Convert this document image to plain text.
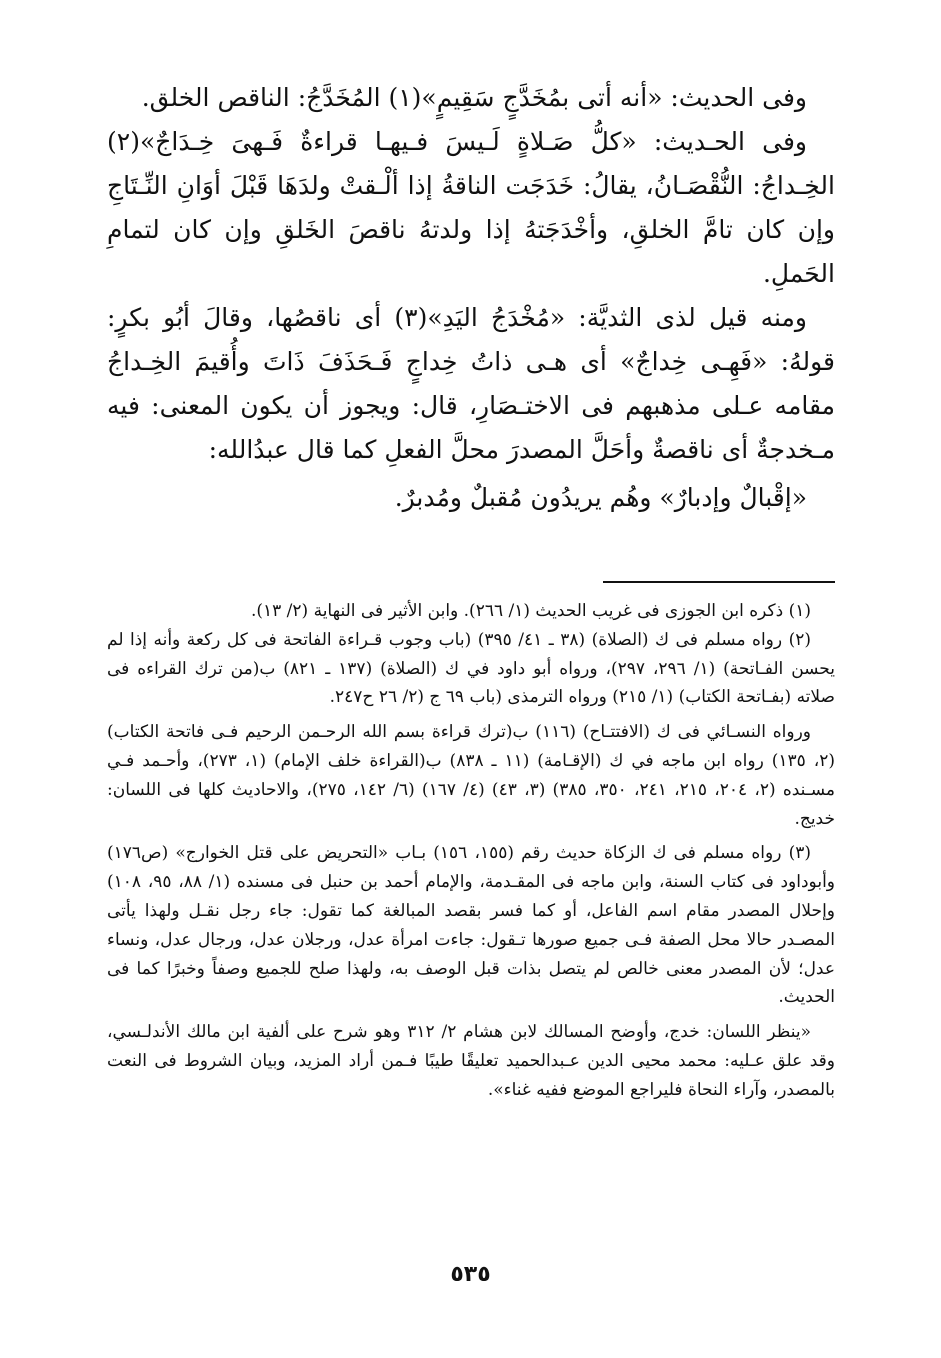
وفى الحديث: «أنه أتى بمُخَدَّجٍ سَقِيمٍ»(١) المُخَدَّجُ: الناقص الخلق.

وفى الحـديث: «كلُّ صَـلاةٍ لَـيسَ فـيهـا قراءةٌ فَـهىَ خِـدَاجٌ»(٢) الخِـداجُ: النُّقْصَـانُ، يقالُ: خَدَجَت الناقةُ إذا ألْـقتْ ولدَهَا قَبْلَ أوَانِ النِّـتَاجِ وإن كان تامَّ الخلقِ، وأخْدَجَتهُ إذا ولدتهُ ناقصَ الخَلقِ وإن كان لتمامِ الحَملِ.

ومنه قيل لذى الثديَّة: «مُخْدَجُ اليَدِ»(٣) أى ناقصُها، وقالَ أبُو بكرٍ: قولهُ: «فَهِـى خِداجٌ» أى هـى ذاتُ خِداجٍ فَـحَذَفَ ذَاتَ وأُقيمَ الخِـداجُ مقامه عـلى مذهبهم فى الاختـصَارِ، قال: ويجوز أن يكون المعنى: فيه مـخدجةٌ أى ناقصةٌ وأحَلَّ المصدرَ محلَّ الفعلِ كما قال عبدُالله:

«إقْبالٌ وإدبارٌ» وهُم يريدُون مُقبلٌ ومُدبرٌ.

(١) ذكره ابن الجوزى فى غريب الحديث (١/ ٢٦٦). وابن الأثير فى النهاية (٢/ ١٣).

(٢) رواه مسلم فى ك (الصلاة) (٣٨ ـ ٤١/ ٣٩٥) (باب وجوب قـراءة الفاتحة فى كل ركعة وأنه إذا لم يحسن الفـاتحة) (١/ ٢٩٦، ٢٩٧)، ورواه أبو داود في ك (الصلاة) (١٣٧ ـ ٨٢١) ب(من ترك القراءه فى صلاته (بفـاتحة الكتاب) (١/ ٢١٥) ورواه الترمذى (باب ٦٩ ج (٢/ ٢٦ ح٢٤٧.

ورواه النسـائي فى ك (الافتتـاح) (١١٦) ب(ترك قراءة بسم الله الرحـمن الرحيم فـى فاتحة الكتاب) (٢، ١٣٥) رواه ابن ماجه في ك (الإقـامة) (١١ ـ ٨٣٨) ب(القراءة خلف الإمام) (١، ٢٧٣)، وأحـمد فـي مسـنده (٢، ٢٠٤، ٢١٥، ٢٤١، ٣٥٠، ٣٨٥) (٣، ٤٣) (٤/ ١٦٧) (٦/ ١٤٢، ٢٧٥)، والاحاديث كلها فى اللسان: خديج.

(٣) رواه مسلم فى ك الزكاة حديث رقم (١٥٥، ١٥٦) بـاب «التحريض على قتل الخوارج» (ص١٧٦) وأبوداود فى كتاب السنة، وابن ماجه فى المقـدمة، والإمام أحمد بن حنبل فى مسنده (١/ ٨٨، ٩٥، ١٠٨) وإحلال المصدر مقام اسم الفاعل، أو كما فسر بقصد المبالغة كما تقول: جاء رجل نقـل ولهذا يأتى المصـدر حالا محل الصفة فـى جميع صورها تـقول: جاءت امرأة عدل، ورجلان عدل، ورجال عدل، ونساء عدل؛ لأن المصدر معنى خالص لم يتصل بذات قبل الوصف به، ولهذا صلح للجميع وصفاً وخبرًا كما فى الحديث.

«ينظر اللسان: خدج، وأوضح المسالك لابن هشام ٢/ ٣١٢ وهو شرح على ألفية ابن مالك الأندلـسي، وقد علق عـليه: محمد محيى الدين عـبدالحميد تعليقًا طيبًا فـمن أراد المزيد، وبيان الشروط فى النعت بالمصدر، وآراء النحاة فليراجع الموضع ففيه غناء».

٥٣٥
